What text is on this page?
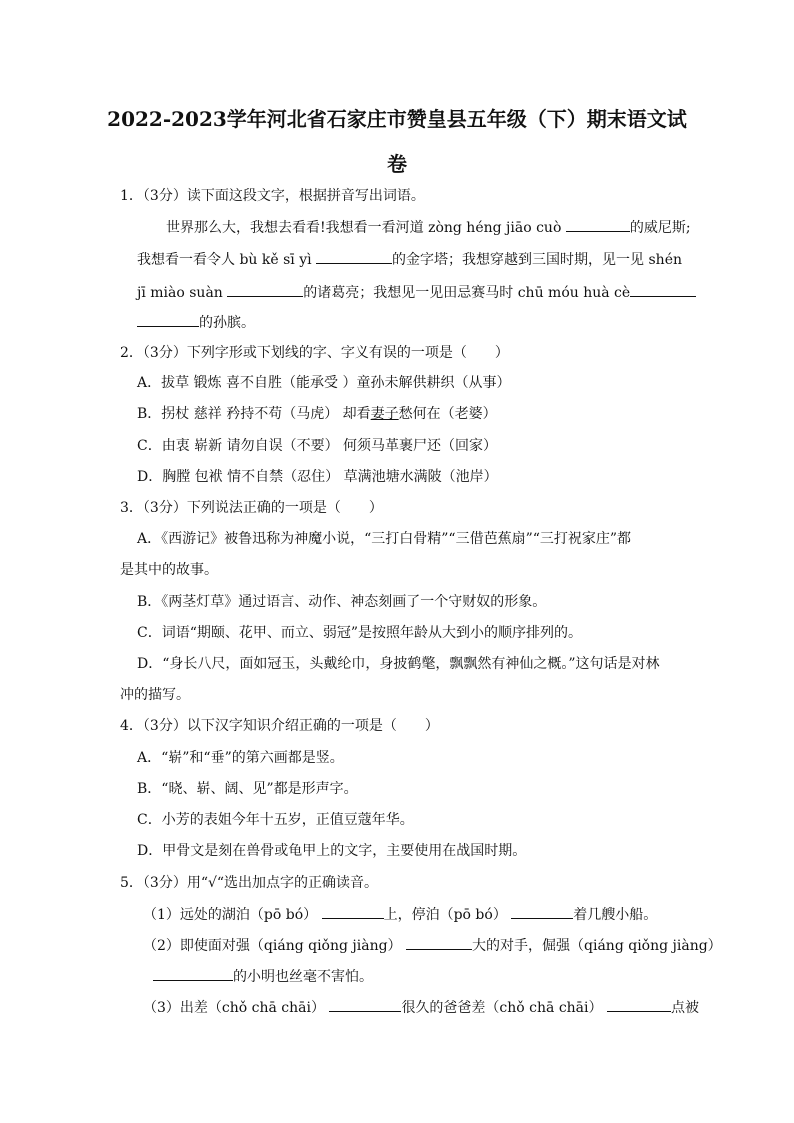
2022-2023学年河北省石家庄市赞皇县五年级（下）期末语文试
卷
1．（3分）读下面这段文字，根据拼音写出词语。
世界那么大，我想去看看!我想看一看河道 zòng héng jiāo cuò	的威尼斯;
我想看一看令人 bù kě sī yì	的金字塔；我想穿越到三国时期，见一见 shén
jī miào suàn	的诸葛亮；我想见一见田忌赛马时 chū móu huà cè
的孙膑。
2．（3分）下列字形或下划线的字、字义有误的一项是（　　）
A．拔草 锻炼 喜不自胜（能承受 ）童孙未解供耕织（从事）
B．拐杖 慈祥 矜持不苟（马虎） 却看妻子愁何在（老婆）
C．由衷 崭新 请勿自误（不要） 何须马革裹尸还（回家）
D．胸膛 包袱 情不自禁（忍住） 草满池塘水满陂（池岸）
3．（3分）下列说法正确的一项是（　　）
A．《西游记》被鲁迅称为神魔小说，“三打白骨精”“三借芭蕉扇”“三打祝家庄”都
是其中的故事。
B．《两茎灯草》通过语言、动作、神态刻画了一个守财奴的形象。
C．词语“期颐、花甲、而立、弱冠”是按照年龄从大到小的顺序排列的。
D．“身长八尺，面如冠玉，头戴纶巾，身披鹤氅，飘飘然有神仙之概。”这句话是对林
冲的描写。
4．（3分）以下汉字知识介绍正确的一项是（　　）
A．“崭”和“垂”的第六画都是竖。
B．“晓、崭、阔、见”都是形声字。
C．小芳的表姐今年十五岁，正值豆蔻年华。
D．甲骨文是刻在兽骨或龟甲上的文字，主要使用在战国时期。
5．（3分）用“√“选出加点字的正确读音。
（1）远处的湖泊（pō bó）	上，停泊（pō bó）	着几艘小船。
（2）即使面对强（qiáng qiǒng jiàng）	大的对手，倔强（qiáng qiǒng jiàng）
的小明也丝毫不害怕。
（3）出差（chǒ chā chāi）	很久的爸爸差（chǒ chā chāi）	点被
